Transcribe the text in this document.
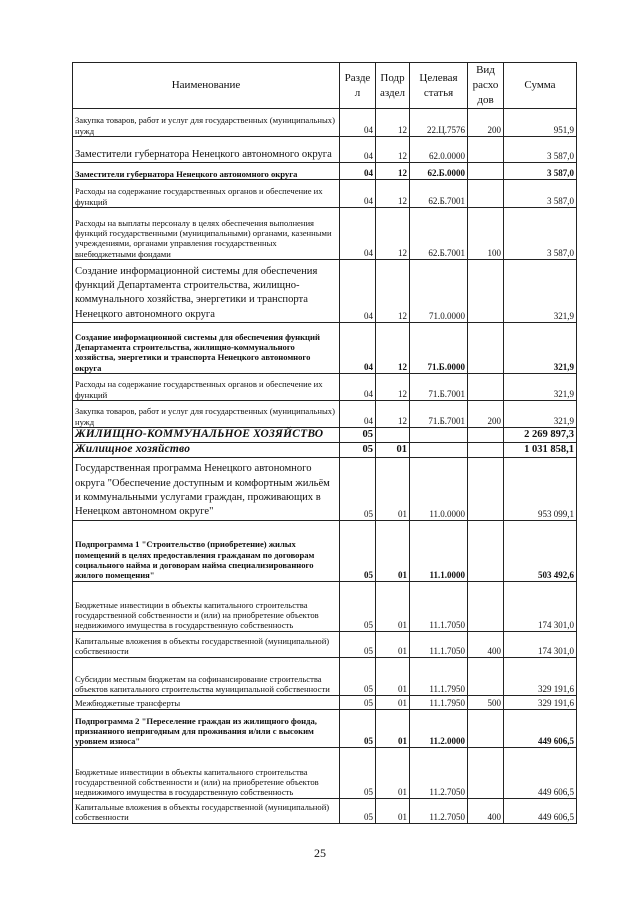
Наименование	Разде л	Подр аздел	Целевая статья	Вид расхо дов	Сумма
Закупка товаров, работ и услуг для государственных (муниципальных) нужд	04	12	22.Ц.7576	200	951,9
Заместители губернатора Ненецкого автономного округа	04	12	62.0.0000		3 587,0
Заместители губернатора Ненецкого автономного округа	04	12	62.Б.0000		3 587,0
Расходы на содержание государственных органов и обеспечение их функций	04	12	62.Б.7001		3 587,0
Расходы на выплаты персоналу в целях обеспечения выполнения функций государственными (муниципальными) органами, казенными учреждениями, органами управления государственных внебюджетными фондами	04	12	62.Б.7001	100	3 587,0
Создание информационной системы для обеспечения функций Департамента строительства, жилищно-коммунального хозяйства, энергетики и транспорта Ненецкого автономного округа	04	12	71.0.0000		321,9
Создание информационной системы для обеспечения функций Департамента строительства, жилищно-коммунального хозяйства, энергетики и транспорта Ненецкого автономного округа	04	12	71.Б.0000		321,9
Расходы на содержание государственных органов и обеспечение их функций	04	12	71.Б.7001		321,9
Закупка товаров, работ и услуг для государственных (муниципальных) нужд	04	12	71.Б.7001	200	321,9
ЖИЛИЩНО-КОММУНАЛЬНОЕ ХОЗЯЙСТВО	05				2 269 897,3
Жилищное хозяйство	05	01			1 031 858,1
Государственная программа Ненецкого автономного округа "Обеспечение доступным и комфортным жильём и коммунальными услугами граждан, проживающих в Ненецком автономном округе"	05	01	11.0.0000		953 099,1
Подпрограмма 1 "Строительство (приобретение) жилых помещений в целях предоставления гражданам по договорам социального найма и договорам найма специализированного жилого помещения"	05	01	11.1.0000		503 492,6
Бюджетные инвестиции в объекты капитального строительства государственной собственности и (или) на приобретение объектов недвижимого имущества в государственную собственность	05	01	11.1.7050		174 301,0
Капитальные вложения в объекты государственной (муниципальной) собственности	05	01	11.1.7050	400	174 301,0
Субсидии местным бюджетам на софинансирование строительства объектов капитального строительства муниципальной собственности	05	01	11.1.7950		329 191,6
Межбюджетные трансферты	05	01	11.1.7950	500	329 191,6
Подпрограмма 2 "Переселение граждан из жилищного фонда, признанного непригодным для проживания и/или с высоким уровнем износа"	05	01	11.2.0000		449 606,5
Бюджетные инвестиции в объекты капитального строительства государственной собственности и (или) на приобретение объектов недвижимого имущества в государственную собственность	05	01	11.2.7050		449 606,5
Капитальные вложения в объекты государственной (муниципальной) собственности	05	01	11.2.7050	400	449 606,5
25
